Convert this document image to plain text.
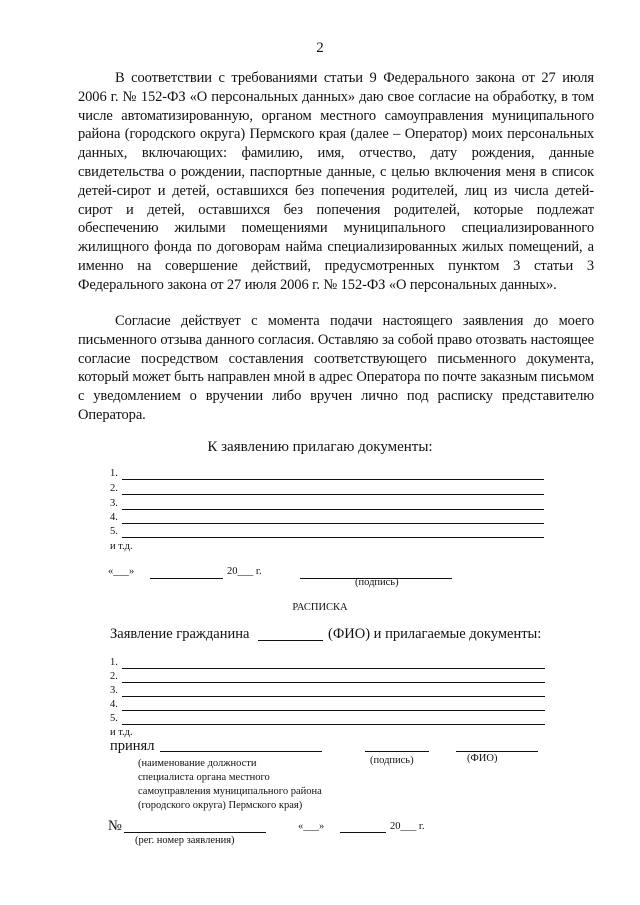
2

В соответствии с требованиями статьи 9 Федерального закона от 27 июля 2006 г. № 152-ФЗ «О персональных данных» даю свое согласие на обработку, в том числе автоматизированную, органом местного самоуправления муниципального района (городского округа) Пермского края (далее – Оператор) моих персональных данных, включающих: фамилию, имя, отчество, дату рождения, данные свидетельства о рождении, паспортные данные, с целью включения меня в список детей-сирот и детей, оставшихся без попечения родителей, лиц из числа детей-сирот и детей, оставшихся без попечения родителей, которые подлежат обеспечению жилыми помещениями муниципального специализированного жилищного фонда по договорам найма специализированных жилых помещений, а именно на совершение действий, предусмотренных пунктом 3 статьи 3 Федерального закона от 27 июля 2006 г. № 152-ФЗ «О персональных данных».

Согласие действует с момента подачи настоящего заявления до моего письменного отзыва данного согласия. Оставляю за собой право отозвать настоящее согласие посредством составления соответствующего письменного документа, который может быть направлен мной в адрес Оператора по почте заказным письмом с уведомлением о вручении либо вручен лично под расписку представителю Оператора.

К заявлению прилагаю документы:
1.
2.
3.
4.
5.
и т.д.
«___»	20___ г.
(подпись)
РАСПИСКА
Заявление гражданина	(ФИО) и прилагаемые документы:
1.
2.
3.
4.
5.
и т.д.
принял
(наименование должности
специалиста органа местного
самоуправления муниципального района
(городского округа) Пермского края)
(подпись)	(ФИО)
№	«___»	20___ г.
(рег. номер заявления)
